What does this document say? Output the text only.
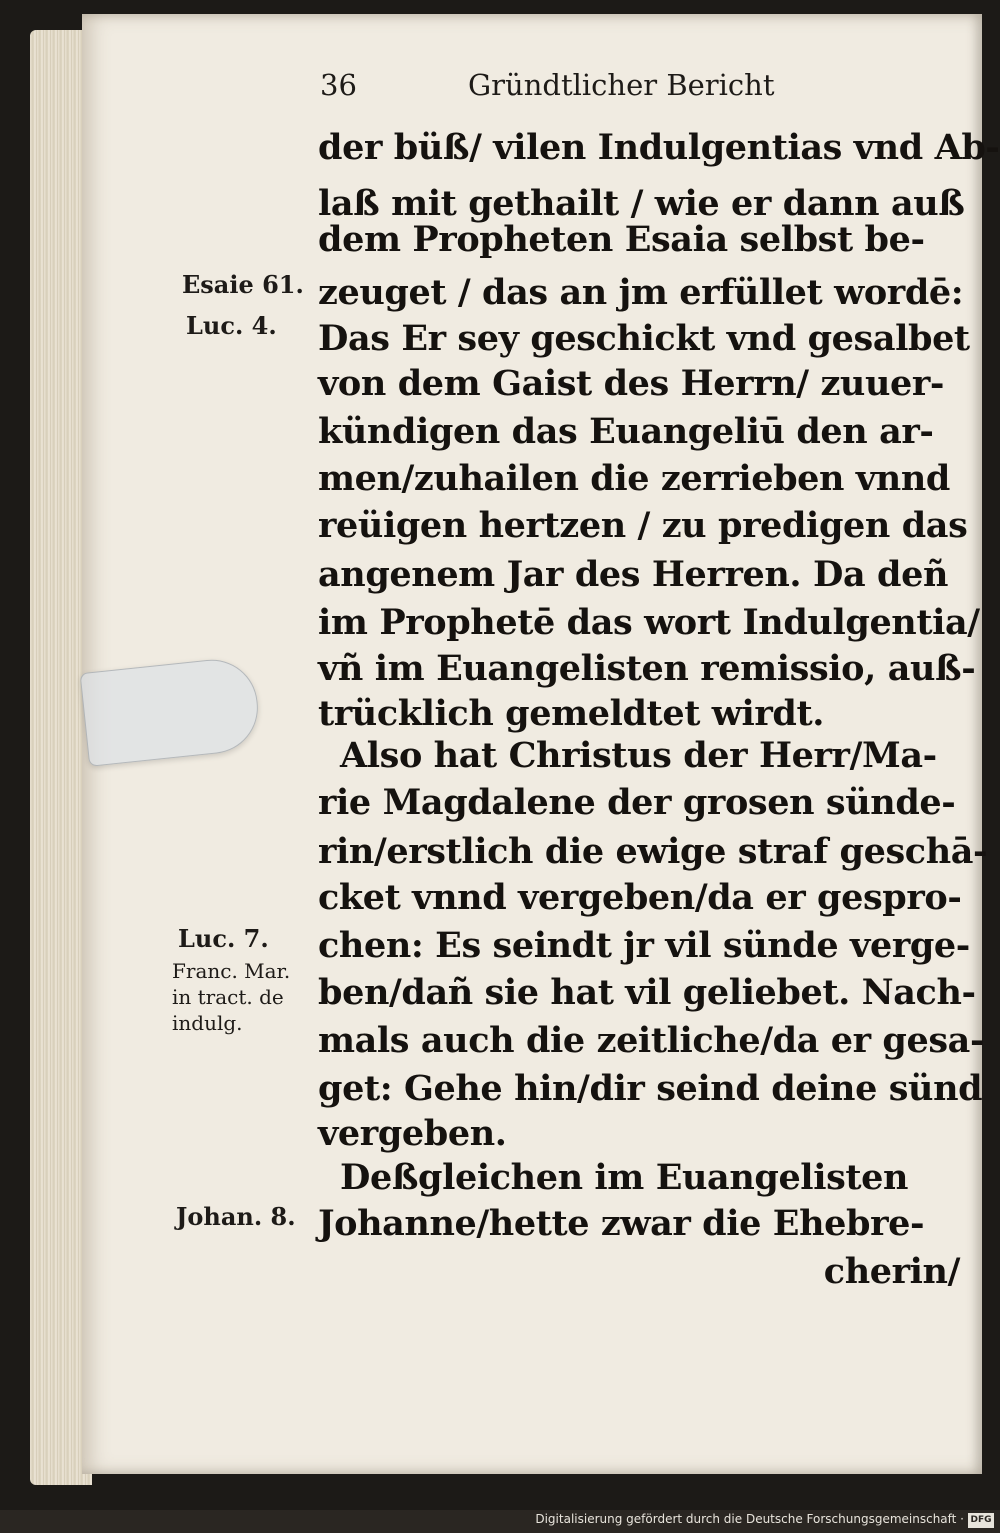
36	Gründtlicher Bericht
der büß/ vilen Indulgentias vnd Ab-
laß mit gethailt / wie er dann auß
dem Propheten Esaia selbst be-
zeuget / das an jm erfüllet wordē:
Das Er sey geschickt vnd gesalbet
von dem Gaist des Herrn/ zuuer-
kündigen das Euangeliū den ar-
men/zuhailen die zerrieben vnnd
reüigen hertzen / zu predigen das
angenem Jar des Herren. Da deñ
im Prophetē das wort Indulgentia/
vñ im Euangelisten remissio, auß-
trücklich gemeldtet wirdt.
Also hat Christus der Herr/Ma-
rie Magdalene der grosen sünde-
rin/erstlich die ewige straf geschā-
cket vnnd vergeben/da er gespro-
chen: Es seindt jr vil sünde verge-
ben/dañ sie hat vil geliebet. Nach-
mals auch die zeitliche/da er gesa-
get: Gehe hin/dir seind deine sünd
vergeben.
Deßgleichen im Euangelisten
Johanne/hette zwar die Ehebre-
cherin/
Esaie 61.
Luc. 4.
Luc. 7.
Franc. Mar.
in tract. de
indulg.
Johan. 8.
Digitalisierung gefördert durch die Deutsche Forschungsgemeinschaft · DFG
